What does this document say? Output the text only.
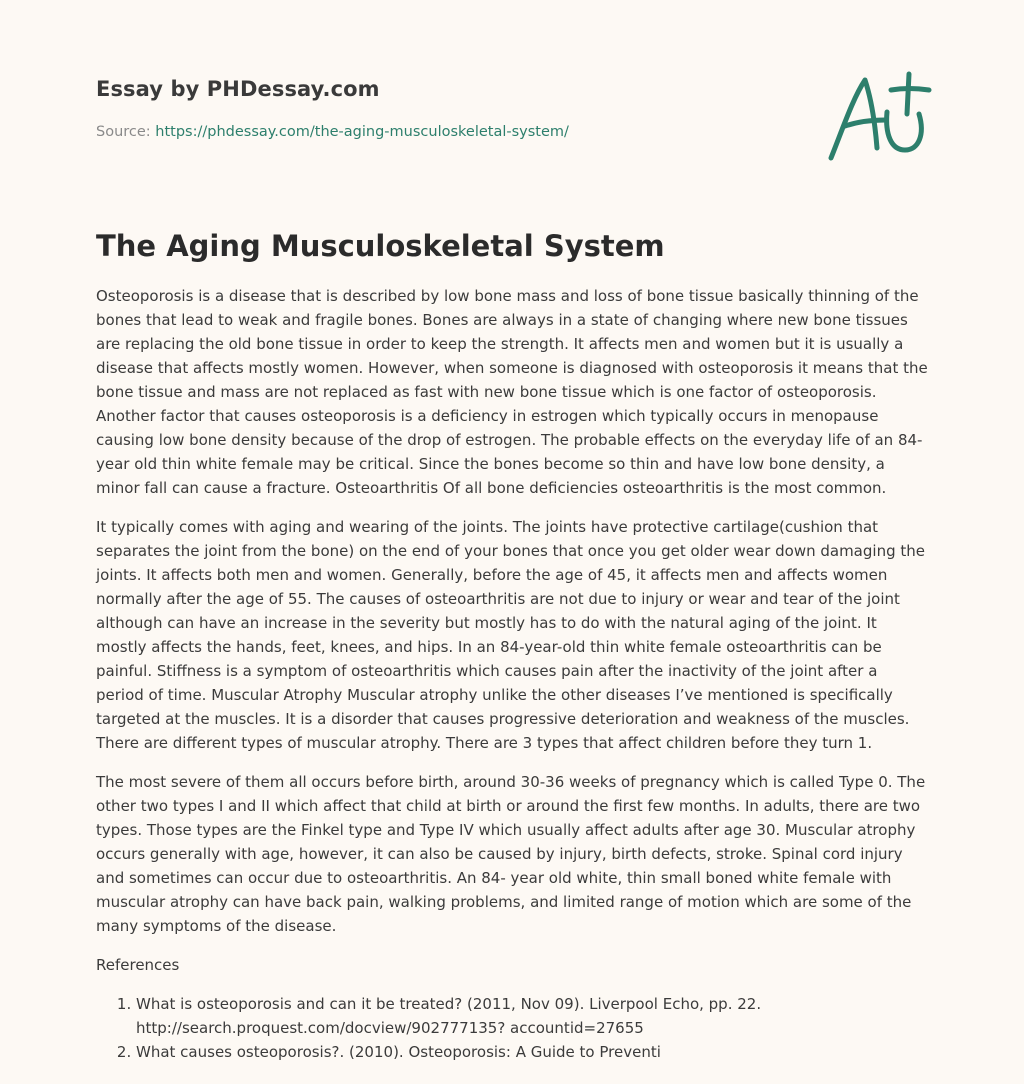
Essay by PHDessay.com
Source: https://phdessay.com/the-aging-musculoskeletal-system/
The Aging Musculoskeletal System

Osteoporosis is a disease that is described by low bone mass and loss of bone tissue basically thinning of the bones that lead to weak and fragile bones. Bones are always in a state of changing where new bone tissues are replacing the old bone tissue in order to keep the strength. It affects men and women but it is usually a disease that affects mostly women. However, when someone is diagnosed with osteoporosis it means that the bone tissue and mass are not replaced as fast with new bone tissue which is one factor of osteoporosis. Another factor that causes osteoporosis is a deficiency in estrogen which typically occurs in menopause causing low bone density because of the drop of estrogen. The probable effects on the everyday life of an 84- year old thin white female may be critical. Since the bones become so thin and have low bone density, a minor fall can cause a fracture. Osteoarthritis Of all bone deficiencies osteoarthritis is the most common.

It typically comes with aging and wearing of the joints. The joints have protective cartilage(cushion that separates the joint from the bone) on the end of your bones that once you get older wear down damaging the joints. It affects both men and women. Generally, before the age of 45, it affects men and affects women normally after the age of 55. The causes of osteoarthritis are not due to injury or wear and tear of the joint although can have an increase in the severity but mostly has to do with the natural aging of the joint. It mostly affects the hands, feet, knees, and hips. In an 84-year-old thin white female osteoarthritis can be painful. Stiffness is a symptom of osteoarthritis which causes pain after the inactivity of the joint after a period of time. Muscular Atrophy Muscular atrophy unlike the other diseases I’ve mentioned is specifically targeted at the muscles. It is a disorder that causes progressive deterioration and weakness of the muscles. There are different types of muscular atrophy. There are 3 types that affect children before they turn 1.

The most severe of them all occurs before birth, around 30-36 weeks of pregnancy which is called Type 0. The other two types I and II which affect that child at birth or around the first few months. In adults, there are two types. Those types are the Finkel type and Type IV which usually affect adults after age 30. Muscular atrophy occurs generally with age, however, it can also be caused by injury, birth defects, stroke. Spinal cord injury and sometimes can occur due to osteoarthritis. An 84- year old white, thin small boned white female with muscular atrophy can have back pain, walking problems, and limited range of motion which are some of the many symptoms of the disease.

References

1. What is osteoporosis and can it be treated? (2011, Nov 09). Liverpool Echo, pp. 22. http://search.proquest.com/docview/902777135? accountid=27655
2. What causes osteoporosis?. (2010). Osteoporosis: A Guide to Preventi
